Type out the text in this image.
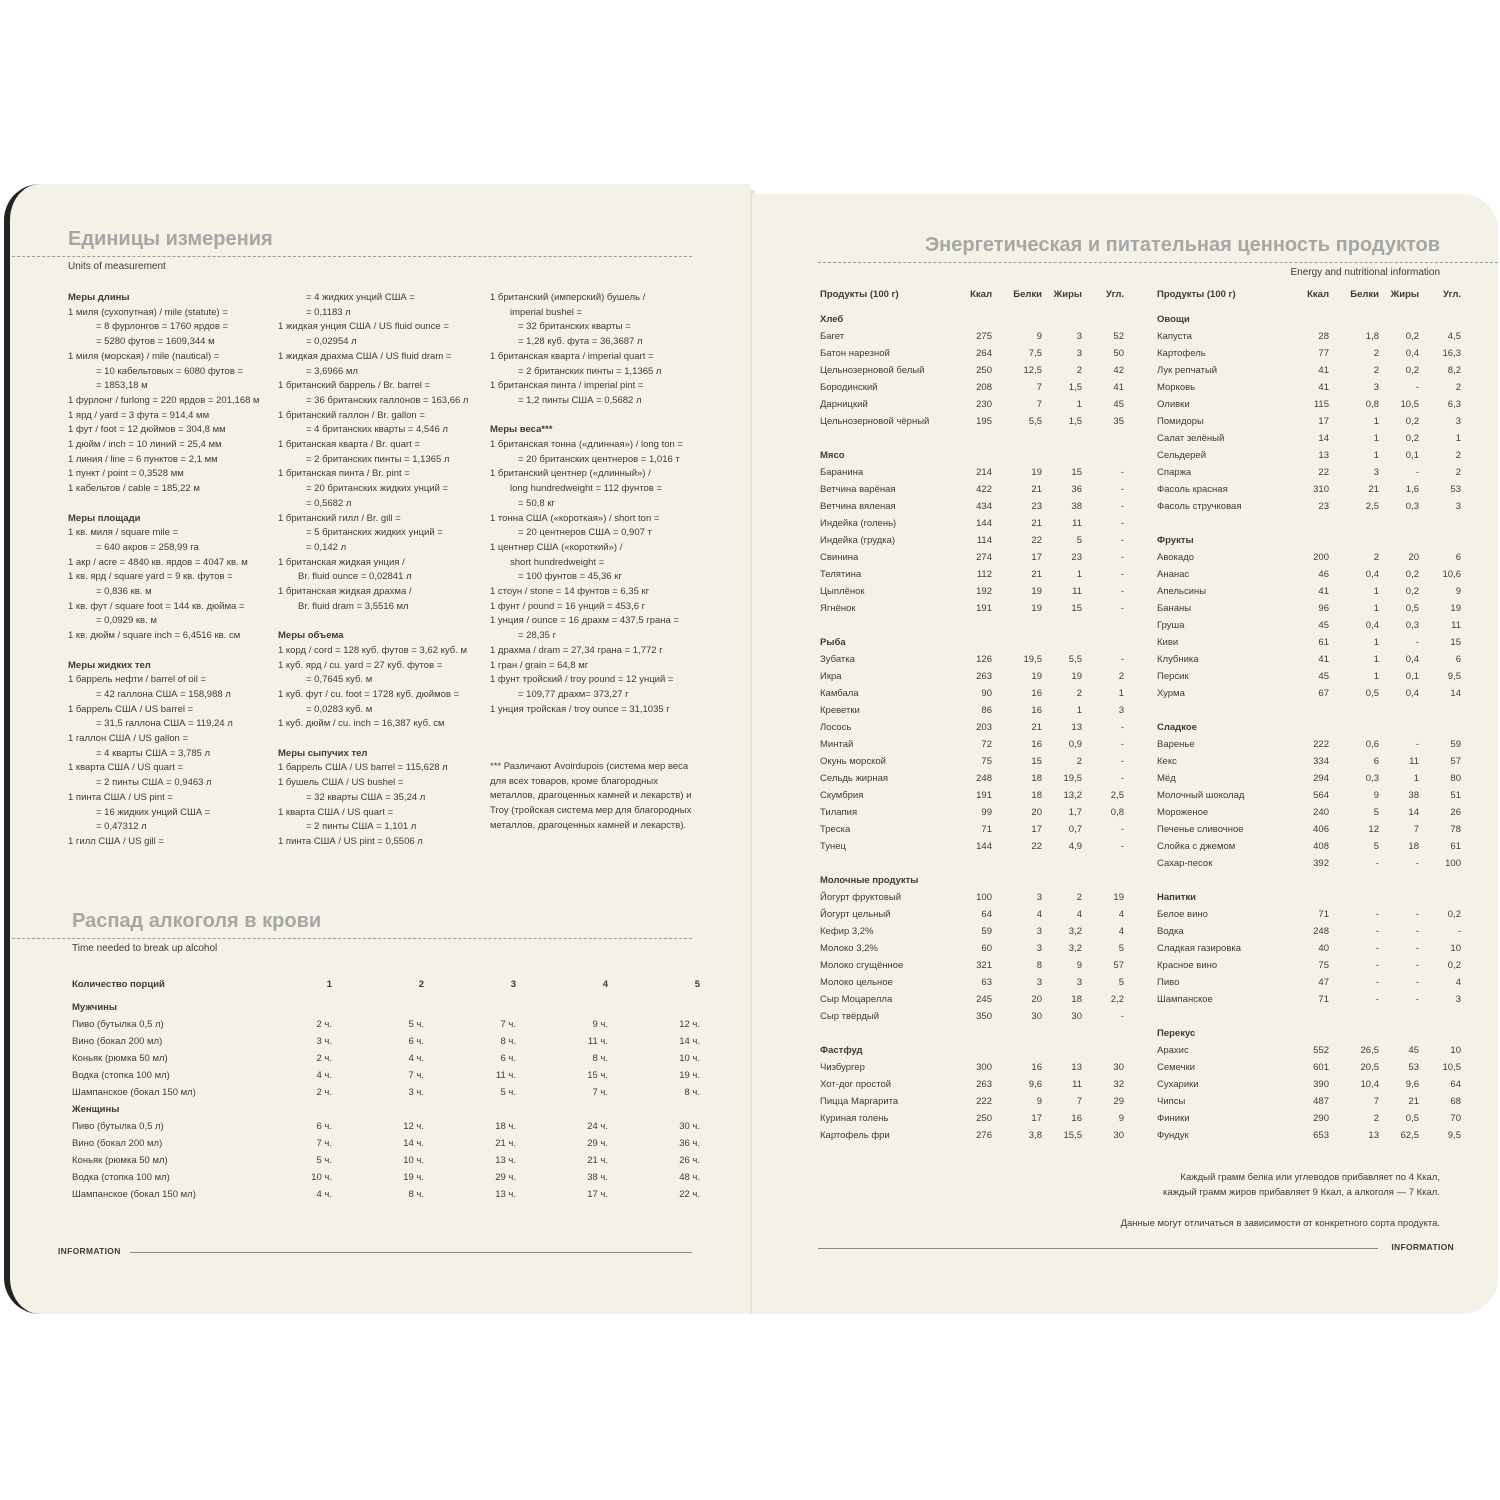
Единицы измерения
Units of measurement
Меры длины
1 миля (сухопутная) / mile (statute) =
= 8 фурлонгов = 1760 ярдов =
= 5280 футов = 1609,344 м
1 миля (морская) / mile (nautical) =
= 10 кабельтовых = 6080 футов =
= 1853,18 м
1 фурлонг / furlong = 220 ярдов = 201,168 м
1 ярд / yard = 3 фута = 914,4 мм
1 фут / foot = 12 дюймов = 304,8 мм
1 дюйм / inch = 10 линий = 25,4 мм
1 линия / line = 6 пунктов = 2,1 мм
1 пункт / point = 0,3528 мм
1 кабельтов / cable = 185,22 м
Меры площади
1 кв. миля / square mile =
= 640 акров = 258,99 га
1 акр / acre = 4840 кв. ярдов = 4047 кв. м
1 кв. ярд / square yard = 9 кв. футов =
= 0,836 кв. м
1 кв. фут / square foot = 144 кв. дюйма =
= 0,0929 кв. м
1 кв. дюйм / square inch = 6,4516 кв. см
Меры жидких тел
1 баррель нефти / barrel of oil =
= 42 галлона США = 158,988 л
1 баррель США / US barrel =
= 31,5 галлона США = 119,24 л
1 галлон США / US gallon =
= 4 кварты США = 3,785 л
1 кварта США / US quart =
= 2 пинты США = 0,9463 л
1 пинта США / US pint =
= 16 жидких унций США =
= 0,47312 л
1 гилл США / US gill =
= 4 жидких унций США =
= 0,1183 л
1 жидкая унция США / US fluid ounce =
= 0,02954 л
1 жидкая драхма США / US fluid dram =
= 3,6966 мл
1 британский баррель / Br. barrel =
= 36 британских галлонов = 163,66 л
1 британский галлон / Br. gallon =
= 4 британских кварты = 4,546 л
1 британская кварта / Br. quart =
= 2 британских пинты = 1,1365 л
1 британская пинта / Br. pint =
= 20 британских жидких унций =
= 0,5682 л
1 британский гилл / Br. gill =
= 5 британских жидких унций =
= 0,142 л
1 британская жидкая унция /
Br. fluid ounce = 0,02841 л
1 британская жидкая драхма /
Br. fluid dram = 3,5516 мл
Меры объема
1 корд / cord = 128 куб. футов = 3,62 куб. м
1 куб. ярд / cu. yard = 27 куб. футов =
= 0,7645 куб. м
1 куб. фут / cu. foot = 1728 куб. дюймов =
= 0,0283 куб. м
1 куб. дюйм / cu. inch = 16,387 куб. см
Меры сыпучих тел
1 баррель США / US barrel = 115,628 л
1 бушель США / US bushel =
= 32 кварты США = 35,24 л
1 кварта США / US quart =
= 2 пинты США = 1,101 л
1 пинта США / US pint = 0,5506 л
1 британский (имперский) бушель /
imperial bushel =
= 32 британских кварты =
= 1,28 куб. фута = 36,3687 л
1 британская кварта / imperial quart =
= 2 британских пинты = 1,1365 л
1 британская пинта / imperial pint =
= 1,2 пинты США = 0,5682 л
Меры веса***
1 британская тонна («длинная») / long ton =
= 20 британских центнеров = 1,016 т
1 британский центнер («длинный») /
long hundredweight = 112 фунтов =
= 50,8 кг
1 тонна США («короткая») / short ton =
= 20 центнеров США = 0,907 т
1 центнер США («короткий») /
short hundredweight =
= 100 фунтов = 45,36 кг
1 стоун / stone = 14 фунтов = 6,35 кг
1 фунт / pound = 16 унций = 453,6 г
1 унция / ounce = 16 драхм = 437,5 грана =
= 28,35 г
1 драхма / dram = 27,34 грана = 1,772 г
1 гран / grain = 64,8 мг
1 фунт тройский / troy pound = 12 унций =
= 109,77 драхм= 373,27 г
1 унция тройская / troy ounce = 31,1035 г
*** Различают Avoirdupois (система мер веса для всех товаров, кроме благородных металлов, драгоценных камней и лекарств) и Troy (тройская система мер для благородных металлов, драгоценных камней и лекарств).
Распад алкоголя в крови
Time needed to break up alcohol
Количество порций	1	2	3	4	5
Мужчины
Пиво (бутылка 0,5 л)	2 ч.	5 ч.	7 ч.	9 ч.	12 ч.
Вино (бокал 200 мл)	3 ч.	6 ч.	8 ч.	11 ч.	14 ч.
Коньяк (рюмка 50 мл)	2 ч.	4 ч.	6 ч.	8 ч.	10 ч.
Водка (стопка 100 мл)	4 ч.	7 ч.	11 ч.	15 ч.	19 ч.
Шампанское (бокал 150 мл)	2 ч.	3 ч.	5 ч.	7 ч.	8 ч.
Женщины
Пиво (бутылка 0,5 л)	6 ч.	12 ч.	18 ч.	24 ч.	30 ч.
Вино (бокал 200 мл)	7 ч.	14 ч.	21 ч.	29 ч.	36 ч.
Коньяк (рюмка 50 мл)	5 ч.	10 ч.	13 ч.	21 ч.	26 ч.
Водка (стопка 100 мл)	10 ч.	19 ч.	29 ч.	38 ч.	48 ч.
Шампанское (бокал 150 мл)	4 ч.	8 ч.	13 ч.	17 ч.	22 ч.
INFORMATION
Энергетическая и питательная ценность продуктов
Energy and nutritional information
Продукты (100 г)	Ккал	Белки	Жиры	Угл.
Хлеб
Багет	275	9	3	52
Батон нарезной	264	7,5	3	50
Цельнозерновой белый	250	12,5	2	42
Бородинский	208	7	1,5	41
Дарницкий	230	7	1	45
Цельнозерновой чёрный	195	5,5	1,5	35
Мясо
Баранина	214	19	15	-
Ветчина варёная	422	21	36	-
Ветчина вяленая	434	23	38	-
Индейка (голень)	144	21	11	-
Индейка (грудка)	114	22	5	-
Свинина	274	17	23	-
Телятина	112	21	1	-
Цыплёнок	192	19	11	-
Ягнёнок	191	19	15	-
Рыба
Зубатка	126	19,5	5,5	-
Икра	263	19	19	2
Камбала	90	16	2	1
Креветки	86	16	1	3
Лосось	203	21	13	-
Минтай	72	16	0,9	-
Окунь морской	75	15	2	-
Сельдь жирная	248	18	19,5	-
Скумбрия	191	18	13,2	2,5
Тилапия	99	20	1,7	0,8
Треска	71	17	0,7	-
Тунец	144	22	4,9	-
Молочные продукты
Йогурт фруктовый	100	3	2	19
Йогурт цельный	64	4	4	4
Кефир 3,2%	59	3	3,2	4
Молоко 3,2%	60	3	3,2	5
Молоко сгущённое	321	8	9	57
Молоко цельное	63	3	3	5
Сыр Моцарелла	245	20	18	2,2
Сыр твёрдый	350	30	30	-
Фастфуд
Чизбургер	300	16	13	30
Хот-дог простой	263	9,6	11	32
Пицца Маргарита	222	9	7	29
Куриная голень	250	17	16	9
Картофель фри	276	3,8	15,5	30
Продукты (100 г)	Ккал	Белки	Жиры	Угл.
Овощи
Капуста	28	1,8	0,2	4,5
Картофель	77	2	0,4	16,3
Лук репчатый	41	2	0,2	8,2
Морковь	41	3	-	2
Оливки	115	0,8	10,5	6,3
Помидоры	17	1	0,2	3
Салат зелёный	14	1	0,2	1
Сельдерей	13	1	0,1	2
Спаржа	22	3	-	2
Фасоль красная	310	21	1,6	53
Фасоль стручковая	23	2,5	0,3	3
Фрукты
Авокадо	200	2	20	6
Ананас	46	0,4	0,2	10,6
Апельсины	41	1	0,2	9
Бананы	96	1	0,5	19
Груша	45	0,4	0,3	11
Киви	61	1	-	15
Клубника	41	1	0,4	6
Персик	45	1	0,1	9,5
Хурма	67	0,5	0,4	14
Сладкое
Варенье	222	0,6	-	59
Кекс	334	6	11	57
Мёд	294	0,3	1	80
Молочный шоколад	564	9	38	51
Мороженое	240	5	14	26
Печенье сливочное	406	12	7	78
Слойка с джемом	408	5	18	61
Сахар-песок	392	-	-	100
Напитки
Белое вино	71	-	-	0,2
Водка	248	-	-	-
Сладкая газировка	40	-	-	10
Красное вино	75	-	-	0,2
Пиво	47	-	-	4
Шампанское	71	-	-	3
Перекус
Арахис	552	26,5	45	10
Семечки	601	20,5	53	10,5
Сухарики	390	10,4	9,6	64
Чипсы	487	7	21	68
Финики	290	2	0,5	70
Фундук	653	13	62,5	9,5
Каждый грамм белка или углеводов прибавляет по 4 Ккал,
каждый грамм жиров прибавляет 9 Ккал, а алкоголя — 7 Ккал.
Данные могут отличаться в зависимости от конкретного сорта продукта.
INFORMATION
